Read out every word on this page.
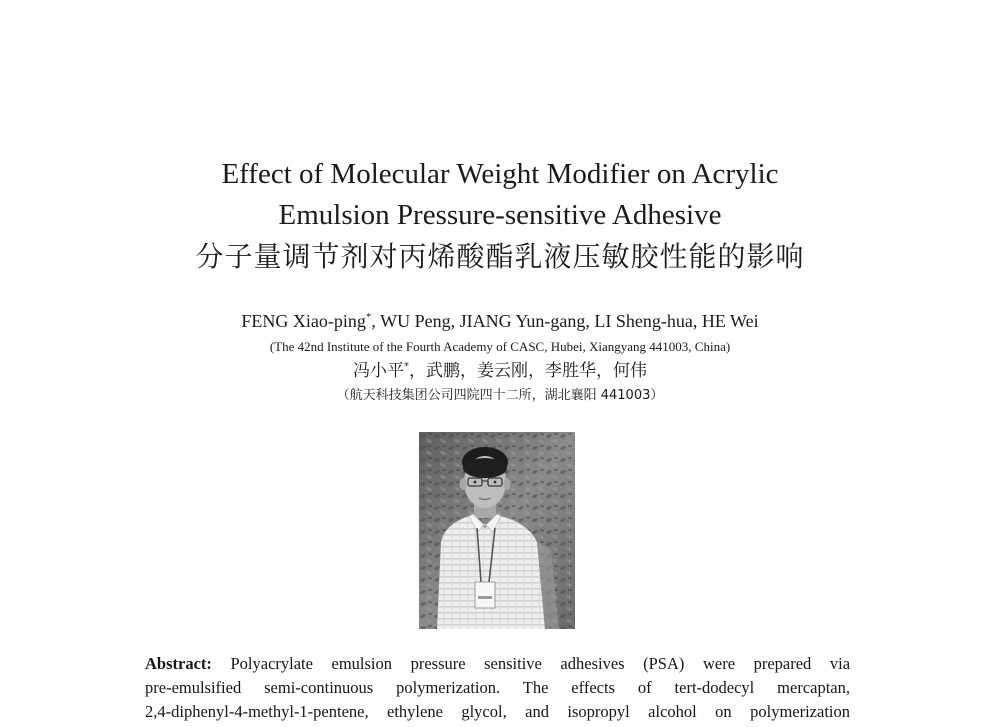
Effect of Molecular Weight Modifier on Acrylic
Emulsion Pressure-sensitive Adhesive
分子量调节剂对丙烯酸酯乳液压敏胶性能的影响
FENG Xiao-ping*, WU Peng, JIANG Yun-gang, LI Sheng-hua, HE Wei
(The 42nd Institute of the Fourth Academy of CASC, Hubei, Xiangyang 441003, China)
冯小平*，武鹏，姜云刚，李胜华，何伟
（航天科技集团公司四院四十二所，湖北襄阳 441003）
Abstract: Polyacrylate emulsion pressure sensitive adhesives (PSA) were prepared via
pre-emulsified semi-continuous polymerization. The effects of tert-dodecyl mercaptan,
2,4-diphenyl-4-methyl-1-pentene, ethylene glycol, and isopropyl alcohol on polymerization
